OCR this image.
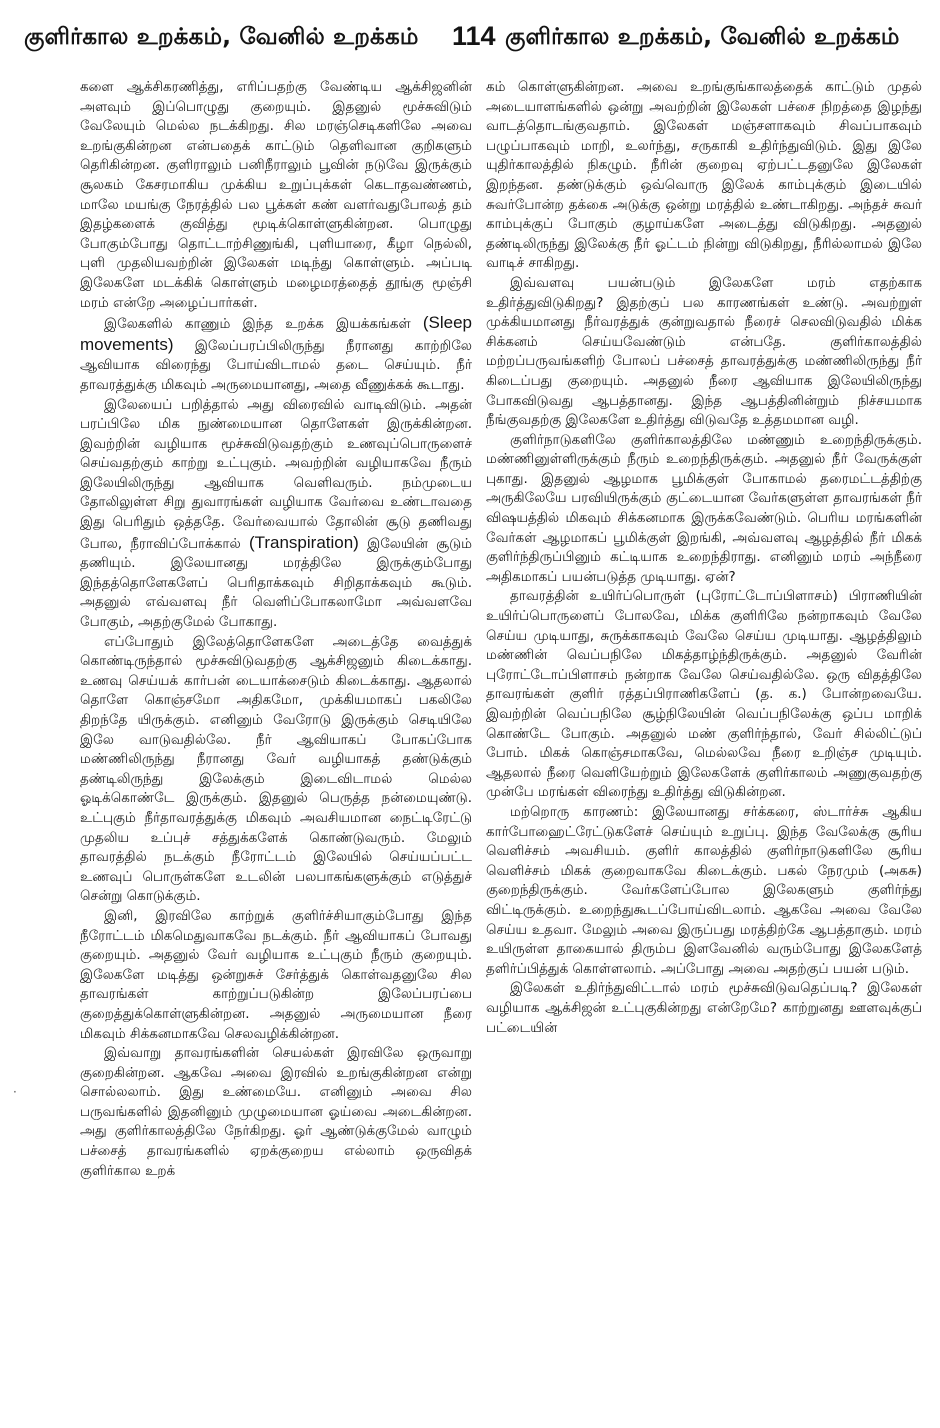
குளிர்கால உறக்கம், வேனில் உறக்கம் 114 குளிர்கால உறக்கம், வேனில் உறக்கம்
·

களை ஆக்சிகரணித்து, எரிப்பதற்கு வேண்டிய ஆக்சிஜனின் அளவும் இப்பொழுது குறையும். இதனுல் மூச்சுவிடும் வேலேயும் மெல்ல நடக்கிறது. சில மரஞ்செடிகளிலே அவை உறங்குகின்றன என்பதைக் காட்டும் தெளிவான குறிகளும் தெரிகின்றன. குளிராலும் பனிநீராலும் பூவின் நடுவே இருக்கும் சூலகம் கேசரமாகிய முக்கிய உறுப்புக்கள் கெடாதவண்ணம், மாலே மயங்கு நேரத்தில் பல பூக்கள் கண் வளர்வதுபோலத் தம் இதழ்களைக் குவித்து மூடிக்கொள்ளுகின்றன. பொழுது போகும்போது தொட்டாற்சிணுங்கி, புளியாரை, கீழா நெல்லி, புளி முதலியவற்றின் இலேகள் மடிந்து கொள்ளும். அப்படி இலேகளே மடக்கிக் கொள்ளும் மழைமரத்தைத் தூங்கு மூஞ்சி மரம் என்றே அழைப்பார்கள்.

இலேகளில் காணும் இந்த உறக்க இயக்கங்கள் (Sleep movements) இலேப்பரப்பிலிருந்து நீரானது காற்றிலே ஆவியாக விரைந்து போய்விடாமல் தடை செய்யும். நீர் தாவரத்துக்கு மிகவும் அருமையானது, அதை வீணுக்கக் கூடாது.

இலேயைப் பறித்தால் அது விரைவில் வாடிவிடும். அதன் பரப்பிலே மிக நுண்மையான தொளேகள் இருக்கின்றன. இவற்றின் வழியாக மூச்சுவிடுவதற்கும் உணவுப்பொருளைச் செய்வதற்கும் காற்று உட்புகும். அவற்றின் வழியாகவே நீரும் இலேயிலிருந்து ஆவியாக வெளிவரும். நம்முடைய தோலிலுள்ள சிறு துவாரங்கள் வழியாக வேர்வை உண்டாவதை இது பெரிதும் ஒத்ததே. வேர்வையால் தோலின் சூடு தணிவது போல, நீராவிப்போக்கால் (Transpiration) இலேயின் சூடும் தணியும். இலேயானது மரத்திலே இருக்கும்போது இந்தத்தொளேகளேப் பெரிதாக்கவும் சிறிதாக்கவும் கூடும். அதனுல் எவ்வளவு நீர் வெளிப்போகலாமோ அவ்வளவே போகும், அதற்குமேல் போகாது.

எப்போதும் இலேத்தொளேகளே அடைத்தே வைத்துக் கொண்டிருந்தால் மூச்சுவிடுவதற்கு ஆக்சிஜனும் கிடைக்காது. உணவு செய்யக் கார்பன் டையாக்சைடும் கிடைக்காது. ஆதலால் தொளே கொஞ்சமோ அதிகமோ, முக்கியமாகப் பகலிலே திறந்தே யிருக்கும். எனினும் வேரோடு இருக்கும் செடியிலே இலே வாடுவதில்லே. நீர் ஆவியாகப் போகப்போக மண்ணிலிருந்து நீரானது வேர் வழியாகத் தண்டுக்கும் தண்டிலிருந்து இலேக்கும் இடைவிடாமல் மெல்ல ஓடிக்கொண்டே இருக்கும். இதனுல் பெருத்த நன்மையுண்டு. உட்புகும் நீர்தாவரத்துக்கு மிகவும் அவசியமான நைட்டிரேட்டு முதலிய உப்புச் சத்துக்களேக் கொண்டுவரும். மேலும் தாவரத்தில் நடக்கும் நீரோட்டம் இலேயில் செய்யப்பட்ட உணவுப் பொருள்களே உடலின் பலபாகங்களுக்கும் எடுத்துச் சென்று கொடுக்கும்.

இனி, இரவிலே காற்றுக் குளிர்ச்சியாகும்போது இந்த நீரோட்டம் மிகமெதுவாகவே நடக்கும். நீர் ஆவியாகப் போவது குறையும். அதனுல் வேர் வழியாக உட்புகும் நீரும் குறையும். இலேகளே மடித்து ஒன்றுசுச் சேர்த்துக் கொள்வதனுலே சில தாவரங்கள் காற்றுப்படுகின்ற இலேப்பரப்பை குறைத்துக்கொள்ளுகின்றன. அதனுல் அருமையான நீரை மிகவும் சிக்கனமாகவே செலவழிக்கின்றன.

இவ்வாறு தாவரங்களின் செயல்கள் இரவிலே ஒருவாறு குறைகின்றன. ஆகவே அவை இரவில் உறங்குகின்றன என்று சொல்லலாம். இது உண்மையே. எனினும் அவை சில பருவங்களில் இதனினும் முழுமையான ஓய்வை அடைகின்றன. அது குளிர்காலத்திலே நேர்கிறது. ஓர் ஆண்டுக்குமேல் வாழும் பச்சைத் தாவரங்களில் ஏறக்குறைய எல்லாம் ஒருவிதக் குளிர்கால உறக்

கம் கொள்ளுகின்றன. அவை உறங்குங்காலத்தைக் காட்டும் முதல் அடையாளங்களில் ஒன்று அவற்றின் இலேகள் பச்சை நிறத்தை இழந்து வாடத்தொடங்குவதாம். இலேகள் மஞ்சளாகவும் சிவப்பாகவும் பழுப்பாகவும் மாறி, உலர்ந்து, சருகாகி உதிர்ந்துவிடும். இது இலே யுதிர்காலத்தில் நிகழும். நீரின் குறைவு ஏற்பட்டதனுலே இலேகள் இறந்தன. தண்டுக்கும் ஒவ்வொரு இலேக் காம்புக்கும் இடையில் சுவர்போன்ற தக்கை அடுக்கு ஒன்று மரத்தில் உண்டாகிறது. அந்தச் சுவர் காம்புக்குப் போகும் குழாய்களே அடைத்து விடுகிறது. அதனுல் தண்டிலிருந்து இலேக்கு நீர் ஓட்டம் நின்று விடுகிறது, நீரில்லாமல் இலே வாடிச் சாகிறது.

இவ்வளவு பயன்படும் இலேகளே மரம் எதற்காக உதிர்த்துவிடுகிறது? இதற்குப் பல காரணங்கள் உண்டு. அவற்றுள் முக்கியமானது நீர்வரத்துக் குன்றுவதால் நீரைச் செலவிடுவதில் மிக்க சிக்கனம் செய்யவேண்டும் என்பதே. குளிர்காலத்தில் மற்றப்பருவங்களிற் போலப் பச்சைத் தாவரத்துக்கு மண்ணிலிருந்து நீர் கிடைப்பது குறையும். அதனுல் நீரை ஆவியாக இலேயிலிருந்து போகவிடுவது ஆபத்தானது. இந்த ஆபத்தினின்றும் நிச்சயமாக நீங்குவதற்கு இலேகளே உதிர்த்து விடுவதே உத்தமமான வழி.

குளிர்நாடுகளிலே குளிர்காலத்திலே மண்ணும் உறைந்திருக்கும். மண்ணினுள்ளிருக்கும் நீரும் உறைந்திருக்கும். அதனுல் நீர் வேருக்குள் புகாது. இதனுல் ஆழமாக பூமிக்குள் போகாமல் தரைமட்டத்திற்கு அருகிலேயே பரவியிருக்கும் குட்டையான வேர்களுள்ள தாவரங்கள் நீர் விஷயத்தில் மிகவும் சிக்கனமாக இருக்கவேண்டும். பெரிய மரங்களின் வேர்கள் ஆழமாகப் பூமிக்குள் இறங்கி, அவ்வளவு ஆழத்தில் நீர் மிகக் குளிர்ந்திருப்பினும் கட்டியாக உறைந்திராது. எனினும் மரம் அந்நீரை அதிகமாகப் பயன்படுத்த முடியாது. ஏன்?

தாவரத்தின் உயிர்ப்பொருள் (புரோட்டோப்பிளாசம்) பிராணியின் உயிர்ப்பொருளைப் போலவே, மிக்க குளிரிலே நன்றாகவும் வேலே செய்ய முடியாது, சுருக்காகவும் வேலே செய்ய முடியாது. ஆழத்திலும் மண்ணின் வெப்பநிலே மிகத்தாழ்ந்திருக்கும். அதனுல் வேரின் புரோட்டோப்பிளாசம் நன்றாக வேலே செய்வதில்லே. ஒரு விதத்திலே தாவரங்கள் குளிர் ரத்தப்பிராணிகளேப் (த. க.) போன்றவையே. இவற்றின் வெப்பநிலே சூழ்நிலேயின் வெப்பநிலேக்கு ஒப்ப மாறிக் கொண்டே போகும். அதனுல் மண் குளிர்ந்தால், வேர் சில்லிட்டுப் போம். மிகக் கொஞ்சமாகவே, மெல்லவே நீரை உறிஞ்ச முடியும். ஆதலால் நீரை வெளியேற்றும் இலேகளேக் குளிர்காலம் அணுகுவதற்கு முன்பே மரங்கள் விரைந்து உதிர்த்து விடுகின்றன.

மற்றொரு காரணம்: இலேயானது சர்க்கரை, ஸ்டார்ச்சு ஆகிய கார்போஹைட்ரேட்டுகளேச் செய்யும் உறுப்பு. இந்த வேலேக்கு சூரிய வெளிச்சம் அவசியம். குளிர் காலத்தில் குளிர்நாடுகளிலே சூரிய வெளிச்சம் மிகக் குறைவாகவே கிடைக்கும். பகல் நேரமும் (அகசு) குறைந்திருக்கும். வேர்களேப்போல இலேகளும் குளிர்ந்து விட்டிருக்கும். உறைந்துகூடப்போய்விடலாம். ஆகவே அவை வேலே செய்ய உதவா. மேலும் அவை இருப்பது மரத்திற்கே ஆபத்தாகும். மரம் உயிருள்ள தாகையால் திரும்ப இளவேனில் வரும்போது இலேகளேத் தளிர்ப்பித்துக் கொள்ளலாம். அப்போது அவை அதற்குப் பயன் படும்.

இலேகள் உதிர்ந்துவிட்டால் மரம் மூச்சுவிடுவதெப்படி? இலேகள் வழியாக ஆக்சிஜன் உட்புகுகின்றது என்றேமே? காற்றுனது ஊளவுக்குப் பட்டையின்
